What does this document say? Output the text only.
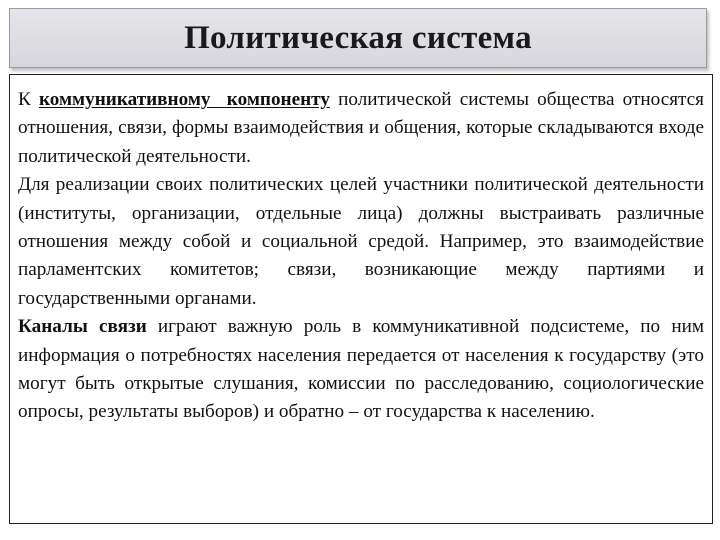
Политическая система

К коммуникативному компоненту политической системы общества относятся отношения, связи, формы взаимодействия и общения, которые складываются входе политической деятельности.

Для реализации своих политических целей участники политической деятельности (институты, организации, отдельные лица) должны выстраивать различные отношения между собой и социальной средой. Например, это взаимодействие парламентских комитетов; связи, возникающие между партиями и государственными органами.

Каналы связи играют важную роль в коммуникативной подсистеме, по ним информация о потребностях населения передается от населения к государству (это могут быть открытые слушания, комиссии по расследованию, социологические опросы, результаты выборов) и обратно – от государства к населению.
